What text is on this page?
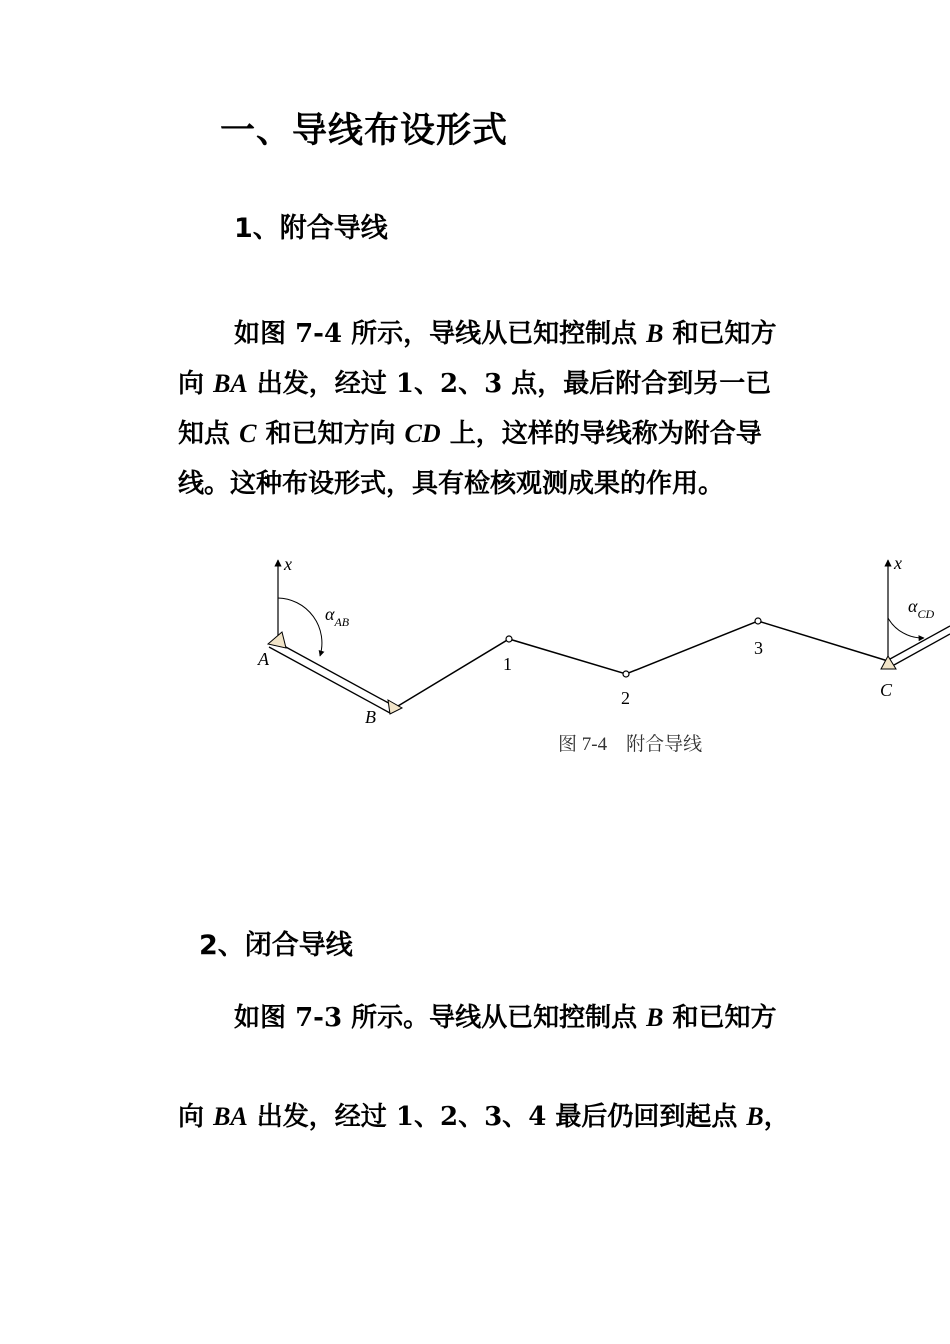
一、导线布设形式
1、附合导线
如图 7-4 所示，导线从已知控制点 B 和已知方
向 BA 出发，经过 1、2、3 点，最后附合到另一已
知点 C 和已知方向 CD 上，这样的导线称为附合导
线。这种布设形式，具有检核观测成果的作用。
x
$\alpha_{AB}$
A
B
1
2
3
x
$\alpha_{CD}$
C
图 7-4    附合导线
2、闭合导线
如图 7-3 所示。导线从已知控制点 B 和已知方
向 BA 出发，经过 1、2、3、4 最后仍回到起点 B，
